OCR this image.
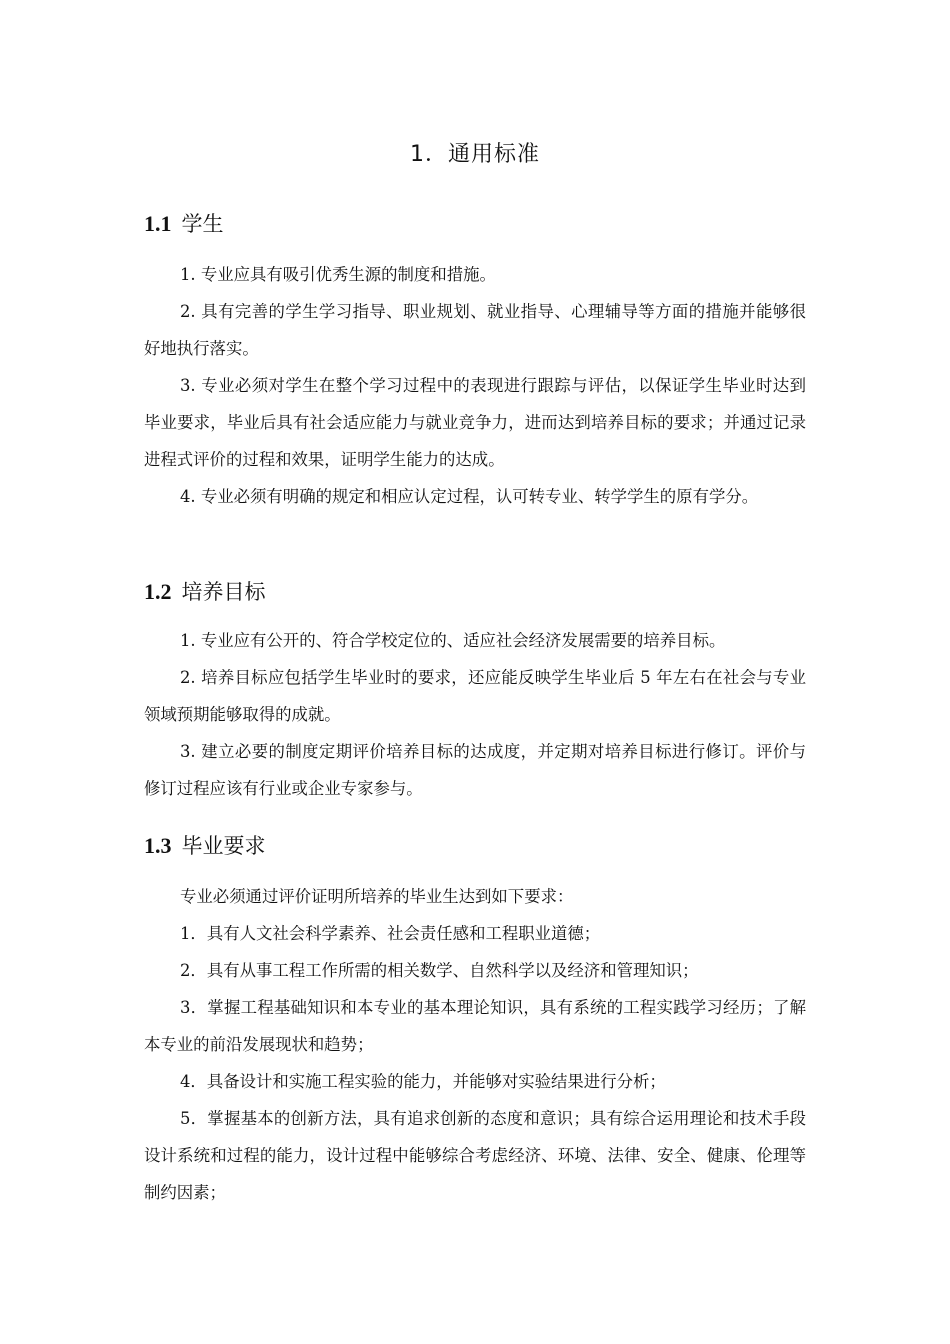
1．通用标准
1.1 学生

1. 专业应具有吸引优秀生源的制度和措施。

2. 具有完善的学生学习指导、职业规划、就业指导、心理辅导等方面的措施并能够很好地执行落实。

3. 专业必须对学生在整个学习过程中的表现进行跟踪与评估，以保证学生毕业时达到毕业要求，毕业后具有社会适应能力与就业竞争力，进而达到培养目标的要求；并通过记录进程式评价的过程和效果，证明学生能力的达成。

4. 专业必须有明确的规定和相应认定过程，认可转专业、转学学生的原有学分。

1.2 培养目标

1. 专业应有公开的、符合学校定位的、适应社会经济发展需要的培养目标。

2. 培养目标应包括学生毕业时的要求，还应能反映学生毕业后 5 年左右在社会与专业领域预期能够取得的成就。

3. 建立必要的制度定期评价培养目标的达成度，并定期对培养目标进行修订。评价与修订过程应该有行业或企业专家参与。

1.3 毕业要求

专业必须通过评价证明所培养的毕业生达到如下要求：

1．具有人文社会科学素养、社会责任感和工程职业道德；

2．具有从事工程工作所需的相关数学、自然科学以及经济和管理知识；

3．掌握工程基础知识和本专业的基本理论知识，具有系统的工程实践学习经历；了解本专业的前沿发展现状和趋势；

4．具备设计和实施工程实验的能力，并能够对实验结果进行分析；

5．掌握基本的创新方法，具有追求创新的态度和意识；具有综合运用理论和技术手段设计系统和过程的能力，设计过程中能够综合考虑经济、环境、法律、安全、健康、伦理等制约因素；
